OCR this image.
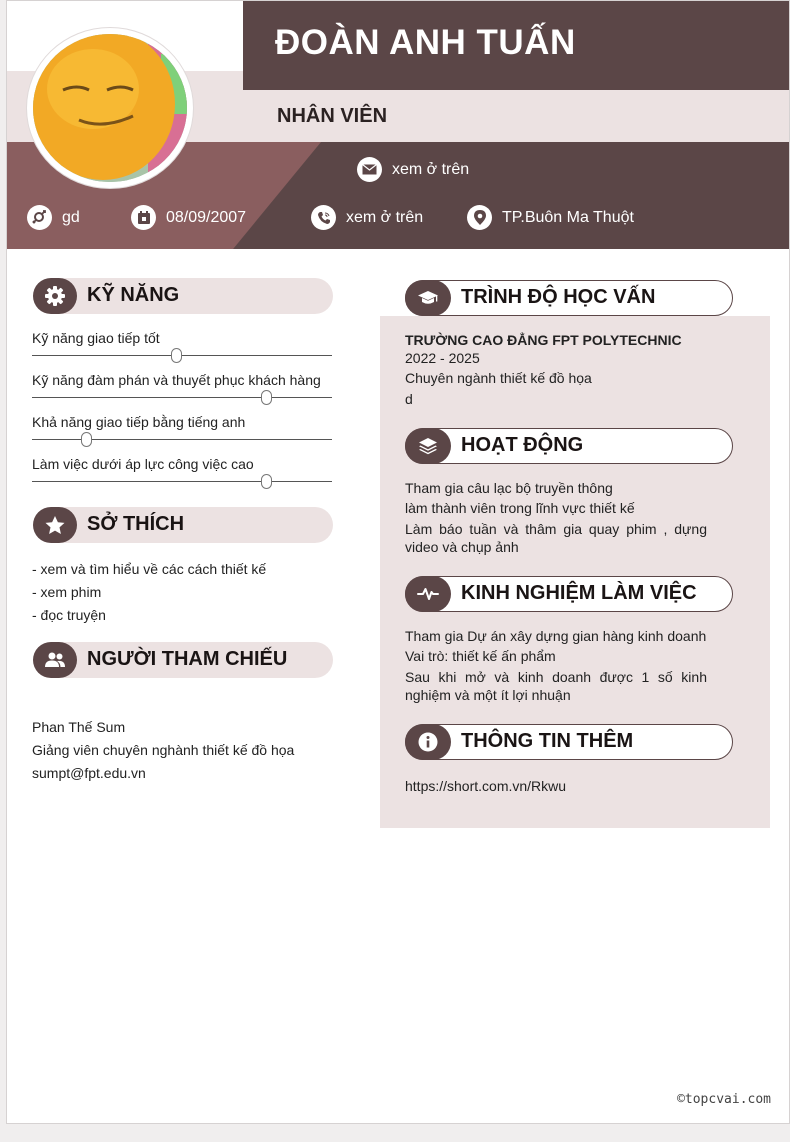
ĐOÀN ANH TUẤN
NHÂN VIÊN
xem ở trên
gd	08/09/2007	xem ở trên	TP.Buôn Ma Thuột
KỸ NĂNG
Kỹ năng giao tiếp tốt
Kỹ năng đàm phán và thuyết phục khách hàng
Khả năng giao tiếp bằng tiếng anh
Làm việc dưới áp lực công việc cao
SỞ THÍCH
- xem và tìm hiểu về các cách thiết kế
- xem phim
- đọc truyện
NGƯỜI THAM CHIẾU
Phan Thế Sum
Giảng viên chuyên nghành thiết kế đồ họa
sumpt@fpt.edu.vn
TRÌNH ĐỘ HỌC VẤN
TRƯỜNG CAO ĐẲNG FPT POLYTECHNIC
2022 - 2025
Chuyên ngành thiết kế đồ họa
d
HOẠT ĐỘNG
Tham gia câu lạc bộ truyền thông
làm thành viên trong lĩnh vực thiết kế
Làm báo tuần và thâm gia quay phim , dựng video và chụp ảnh
KINH NGHIỆM LÀM VIỆC
Tham gia Dự án xây dựng gian hàng kinh doanh
Vai trò: thiết kế ấn phẩm
Sau khi mở và kinh doanh được 1 số kinh nghiệm và một ít lợi nhuận
THÔNG TIN THÊM
https://short.com.vn/Rkwu
©topcvai.com
